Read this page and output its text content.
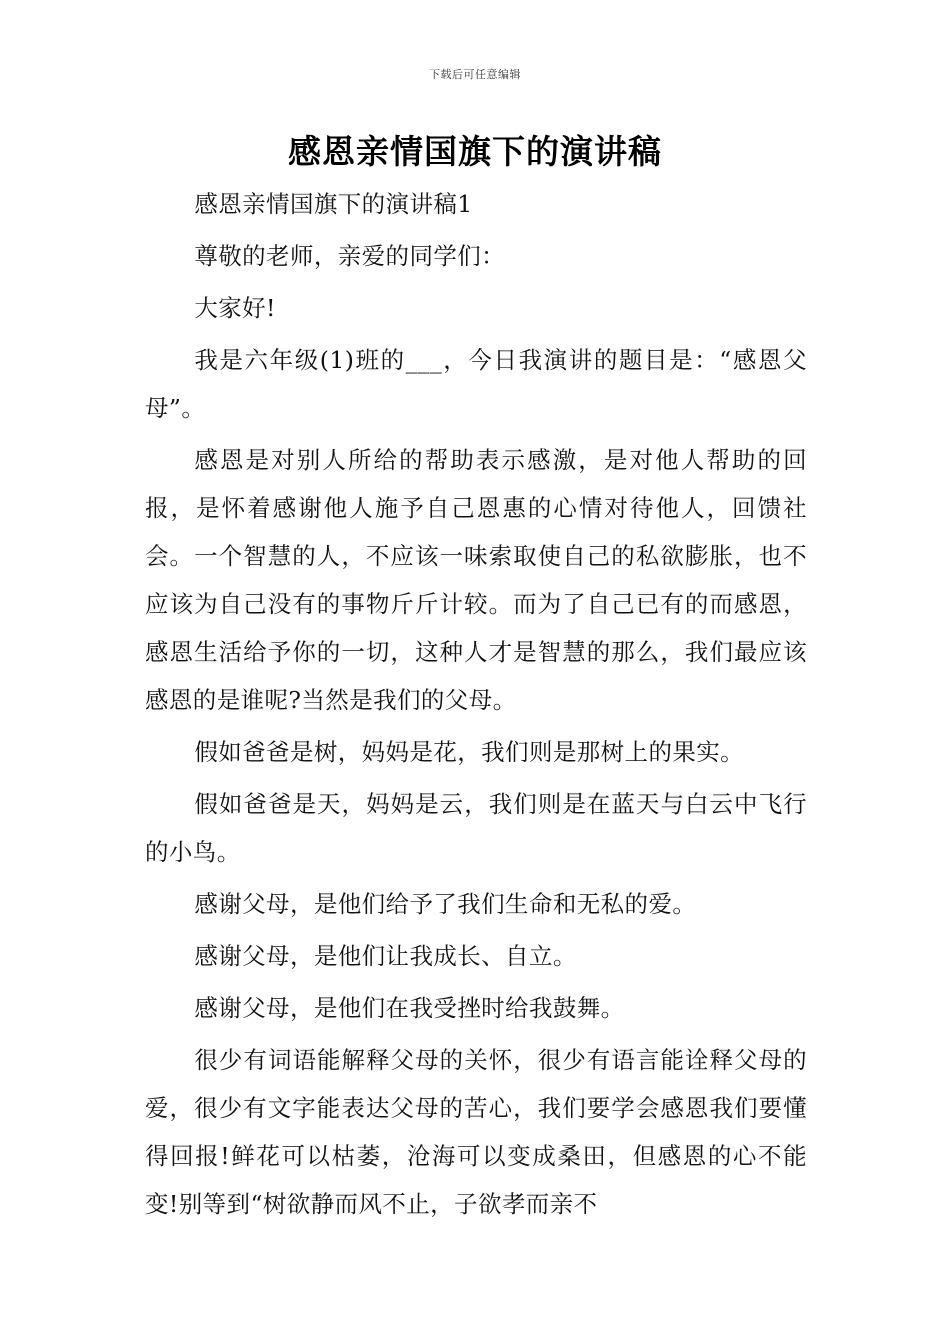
下载后可任意编辑
感恩亲情国旗下的演讲稿

感恩亲情国旗下的演讲稿1

尊敬的老师，亲爱的同学们：

大家好!

我是六年级(1)班的___，今日我演讲的题目是：“感恩父母”。

感恩是对别人所给的帮助表示感激，是对他人帮助的回报，是怀着感谢他人施予自己恩惠的心情对待他人，回馈社会。一个智慧的人，不应该一味索取使自己的私欲膨胀，也不应该为自己没有的事物斤斤计较。而为了自己已有的而感恩，感恩生活给予你的一切，这种人才是智慧的那么，我们最应该感恩的是谁呢?当然是我们的父母。

假如爸爸是树，妈妈是花，我们则是那树上的果实。

假如爸爸是天，妈妈是云，我们则是在蓝天与白云中飞行的小鸟。

感谢父母，是他们给予了我们生命和无私的爱。

感谢父母，是他们让我成长、自立。

感谢父母，是他们在我受挫时给我鼓舞。

很少有词语能解释父母的关怀，很少有语言能诠释父母的爱，很少有文字能表达父母的苦心，我们要学会感恩我们要懂得回报!鲜花可以枯萎，沧海可以变成桑田，但感恩的心不能变!别等到“树欲静而风不止，子欲孝而亲不
